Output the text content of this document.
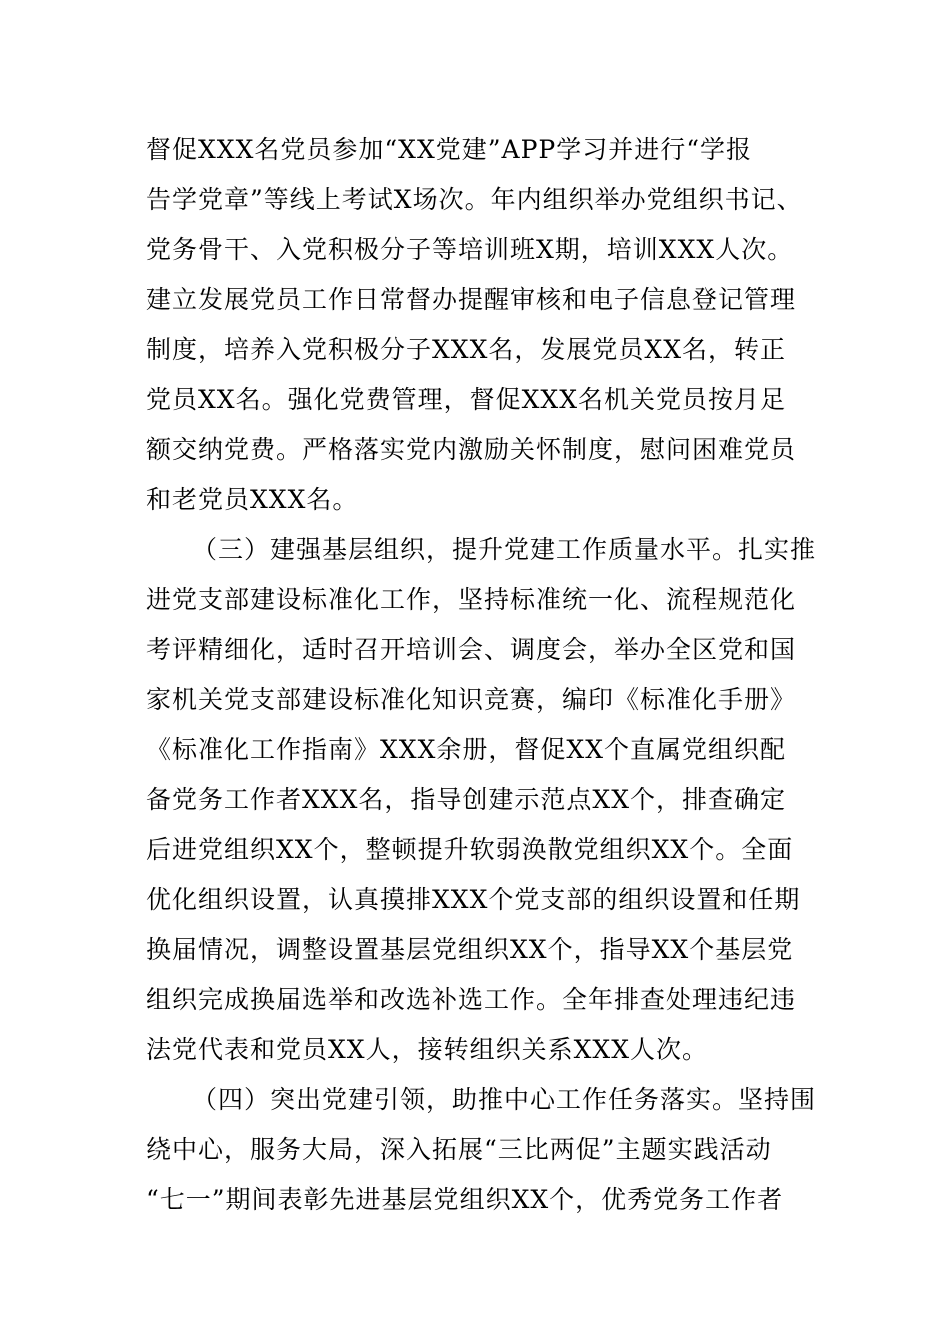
督促XXX名党员参加“XX党建”APP学习并进行“学报
告学党章”等线上考试X场次。年内组织举办党组织书记、
党务骨干、入党积极分子等培训班X期，培训XXX人次。
建立发展党员工作日常督办提醒审核和电子信息登记管理
制度，培养入党积极分子XXX名，发展党员XX名，转正
党员XX名。强化党费管理，督促XXX名机关党员按月足
额交纳党费。严格落实党内激励关怀制度，慰问困难党员
和老党员XXX名。
（三）建强基层组织，提升党建工作质量水平。扎实推
进党支部建设标准化工作，坚持标准统一化、流程规范化
考评精细化，适时召开培训会、调度会，举办全区党和国
家机关党支部建设标准化知识竞赛，编印《标准化手册》
《标准化工作指南》XXX余册，督促XX个直属党组织配
备党务工作者XXX名，指导创建示范点XX个，排查确定
后进党组织XX个，整顿提升软弱涣散党组织XX个。全面
优化组织设置，认真摸排XXX个党支部的组织设置和任期
换届情况，调整设置基层党组织XX个，指导XX个基层党
组织完成换届选举和改选补选工作。全年排查处理违纪违
法党代表和党员XX人，接转组织关系XXX人次。
（四）突出党建引领，助推中心工作任务落实。坚持围
绕中心，服务大局，深入拓展“三比两促”主题实践活动
“七一”期间表彰先进基层党组织XX个，优秀党务工作者
